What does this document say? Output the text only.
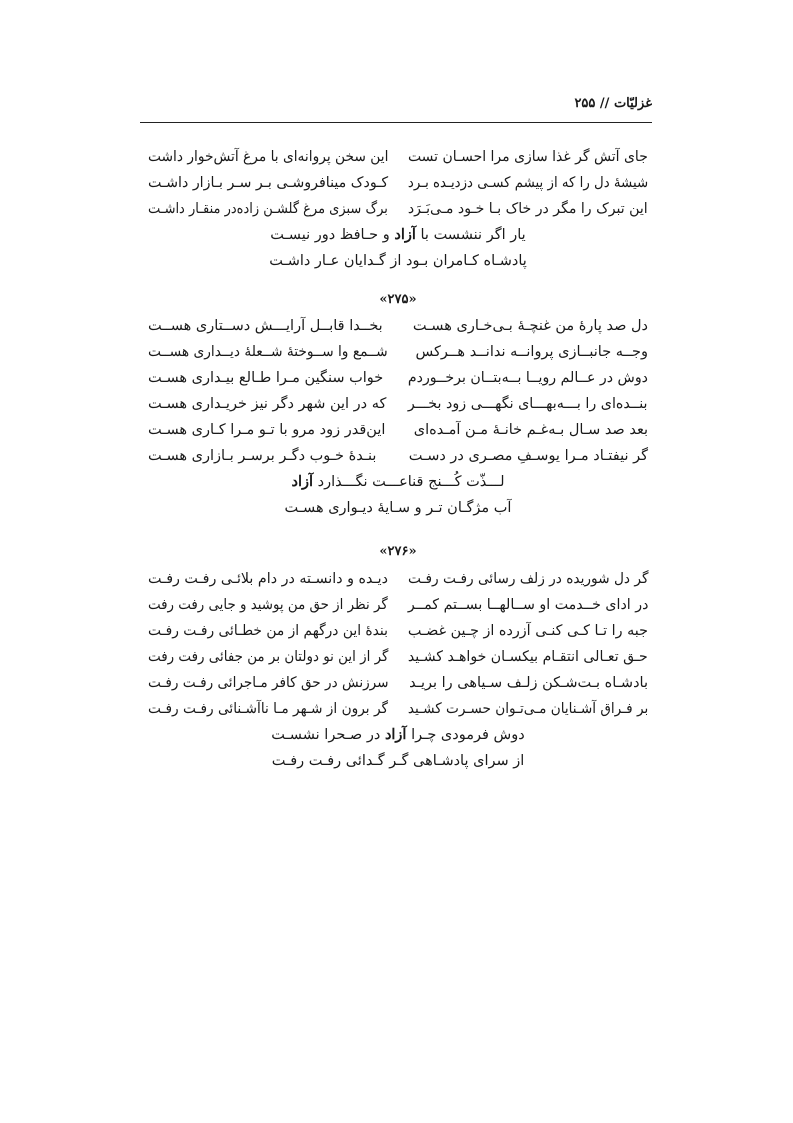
غزلیّات // ۲۵۵
جای آتش گر غذا سازی مرا احسـان تست
این سخن پروانه‌ای با مرغ آتش‌خوار داشت
شیشهٔ دل را که از پیشم کسـی دزدیـده بـرد
کـودک مینافروشـی بـر سـر بـازار داشـت
این تبرک را مگر در خاک بـا خـود مـی‌بَـرَد
برگ سبزی مرغ گلشـن زادەدر منقـار داشـت
یار اگر ننشست با آزاد و حـافظ دور نیسـت
پادشـاه کـامران بـود از گـدایان عـار داشـت
«۲۷۵»
دل صد پارهٔ من غنچـهٔ بـی‌خـاری هسـت
بخــدا قابــل آرایـــش دســتاری هســت
وجــه جانبــازی پروانــه ندانــد هــرکس
شــمع وا ســوختهٔ شــعلهٔ دیــداری هســت
دوش در عــالم رویــا بــه‌بتــان برخــوردم
خواب سنگین مـرا طـالع بیـداری هسـت
بنــده‌ای را بـــه‌بهـــای نگهـــی زود بخـــر
که در این شهر دگر نیز خریـداری هسـت
بعد صد سـال بـه‌غـم خانـهٔ مـن آمـده‌ای
این‌قدر زود مرو با تـو مـرا کـاری هسـت
گر نیفتـاد مـرا یوسـفِ مصـری در دسـت
بنـدهٔ خـوب دگـر برسـر بـازاری هسـت
لـــذّت کُـــنج قناعـــت نگـــذارد آزاد
آب مژگـان تـر و سـایهٔ دیـواری هسـت
«۲۷۶»
گر دل شوریده در زلف رسائی رفـت رفـت
دیـده و دانسـته در دام بلائـی رفـت رفـت
در ادای خــدمت او ســالهــا بســتم کمــر
گر نظر از حق من پوشید و جایی رفت رفت
جبه را تـا کـی کنـی آزرده از چـین غضـب
بندهٔ این درگهم از من خطـائی رفـت رفـت
حـق تعـالی انتقـام بیکسـان خواهـد کشـید
گر از این نو دولتان بر من جفائی رفت رفت
بادشـاه بـت‌شـکن زلـف سـیاهی را بریـد
سرزنش در حق کافر مـاجرائی رفـت رفـت
بر فـراق آشـنایان مـی‌تـوان حسـرت کشـید
گر برون از شـهر مـا ناآشـنائی رفـت رفـت
دوش فرمودی چـرا آزاد در صـحرا نشسـت
از سرای پادشـاهی گـر گـدائی رفـت رفـت
